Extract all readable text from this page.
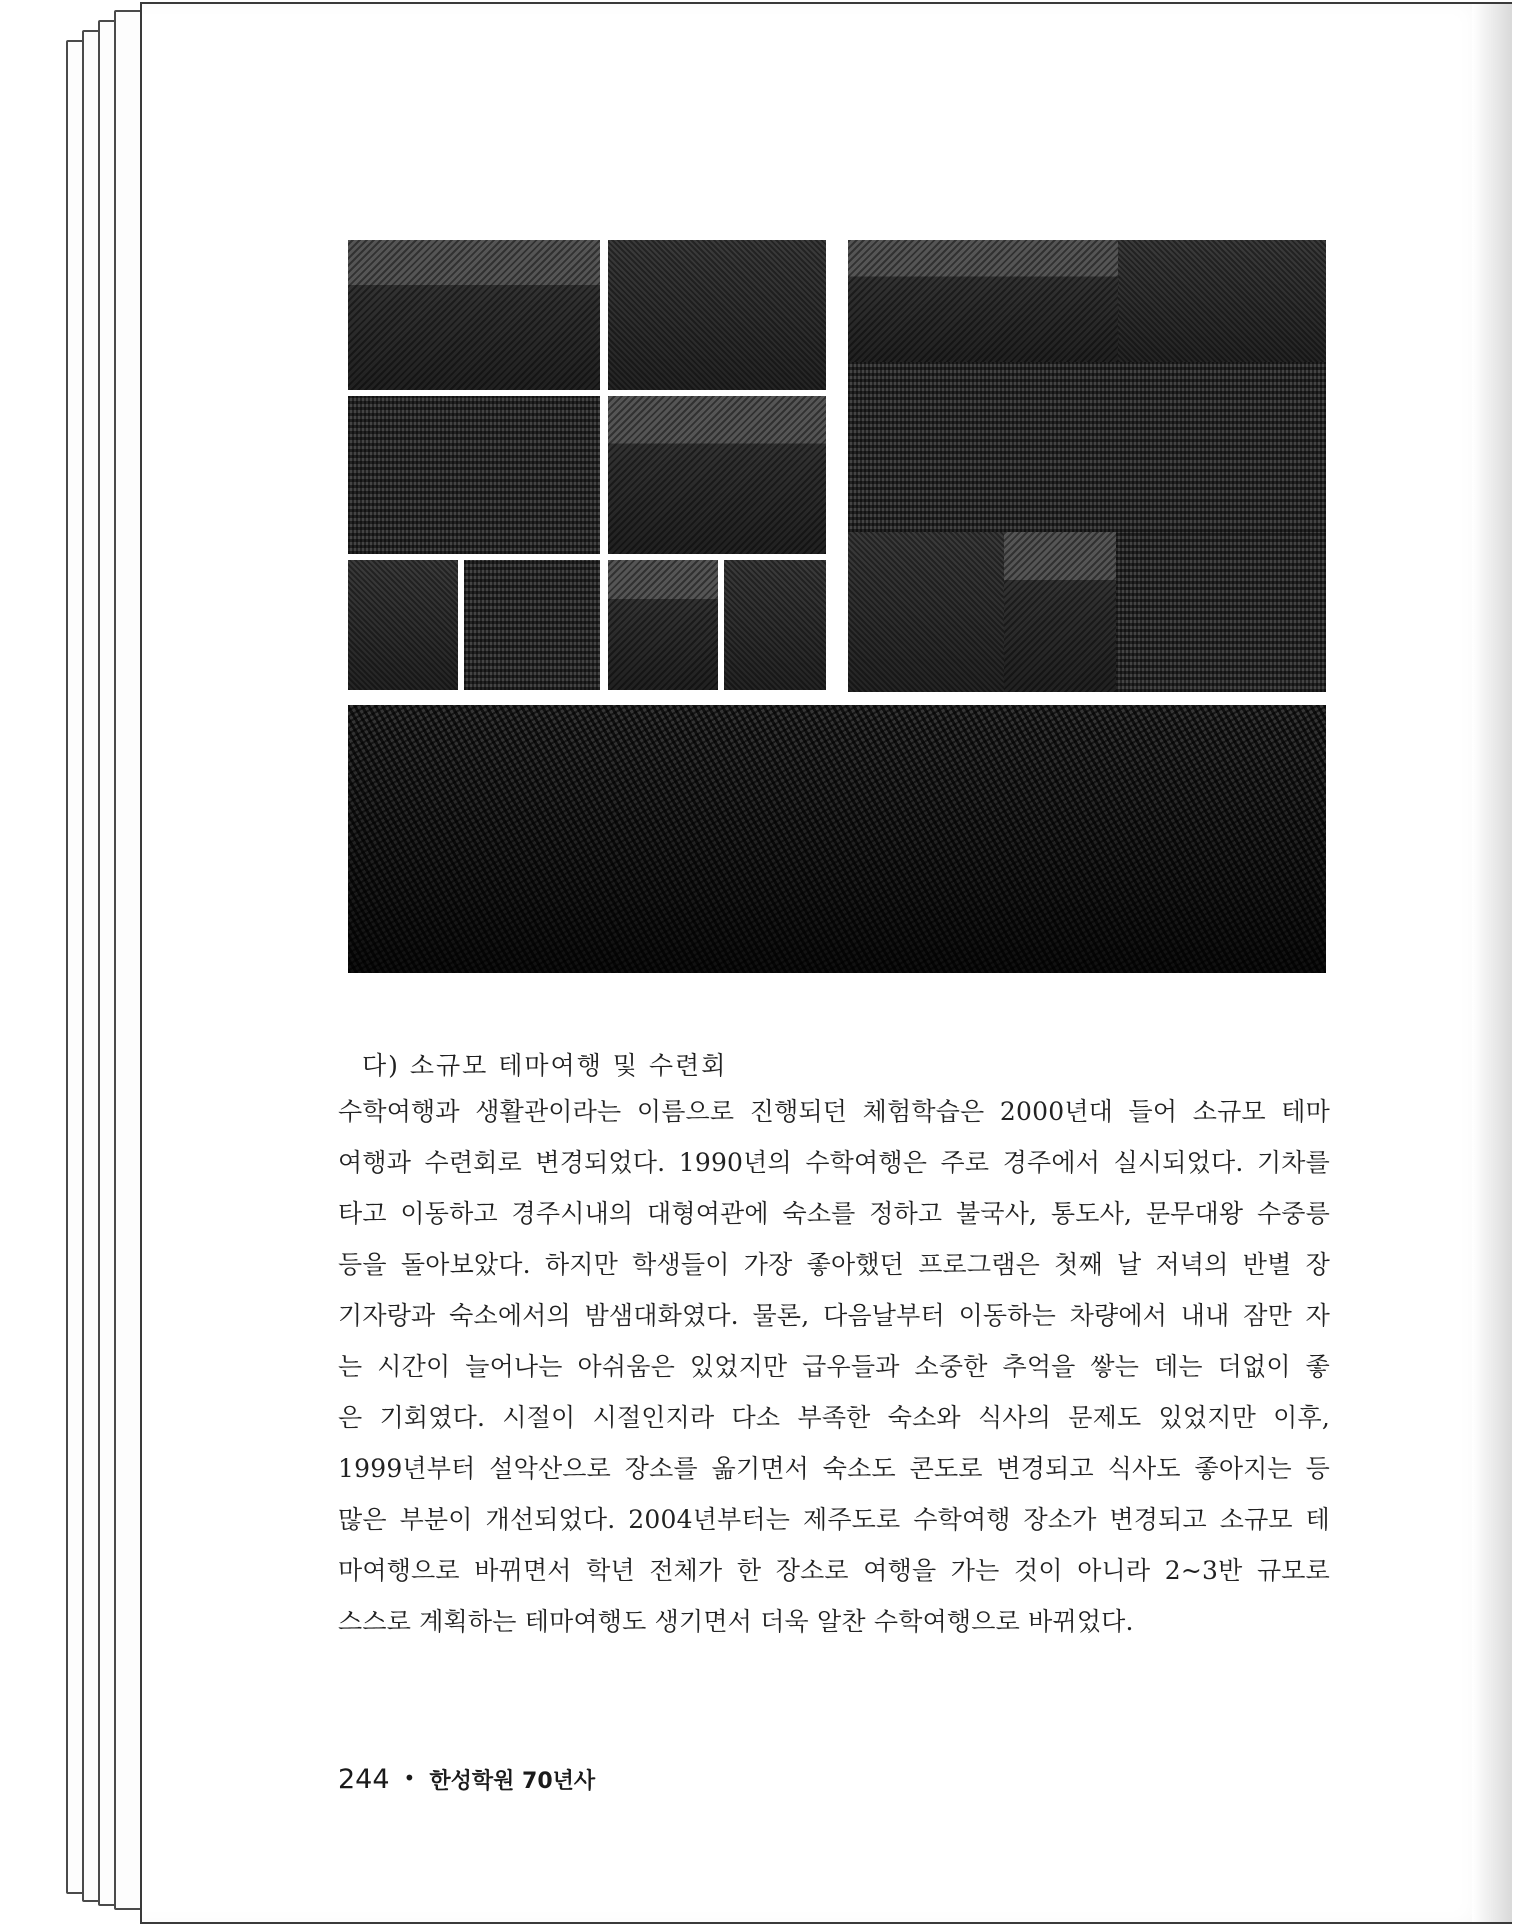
다) 소규모 테마여행 및 수련회
수학여행과 생활관이라는 이름으로 진행되던 체험학습은 2000년대 들어 소규모 테마
여행과 수련회로 변경되었다. 1990년의 수학여행은 주로 경주에서 실시되었다. 기차를
타고 이동하고 경주시내의 대형여관에 숙소를 정하고 불국사, 통도사, 문무대왕 수중릉
등을 돌아보았다. 하지만 학생들이 가장 좋아했던 프로그램은 첫째 날 저녁의 반별 장
기자랑과 숙소에서의 밤샘대화였다. 물론, 다음날부터 이동하는 차량에서 내내 잠만 자
는 시간이 늘어나는 아쉬움은 있었지만 급우들과 소중한 추억을 쌓는 데는 더없이 좋
은 기회였다. 시절이 시절인지라 다소 부족한 숙소와 식사의 문제도 있었지만 이후,
1999년부터 설악산으로 장소를 옮기면서 숙소도 콘도로 변경되고 식사도 좋아지는 등
많은 부분이 개선되었다. 2004년부터는 제주도로 수학여행 장소가 변경되고 소규모 테
마여행으로 바뀌면서 학년 전체가 한 장소로 여행을 가는 것이 아니라 2~3반 규모로
스스로 계획하는 테마여행도 생기면서 더욱 알찬 수학여행으로 바뀌었다.
244 • 한성학원 70년사
